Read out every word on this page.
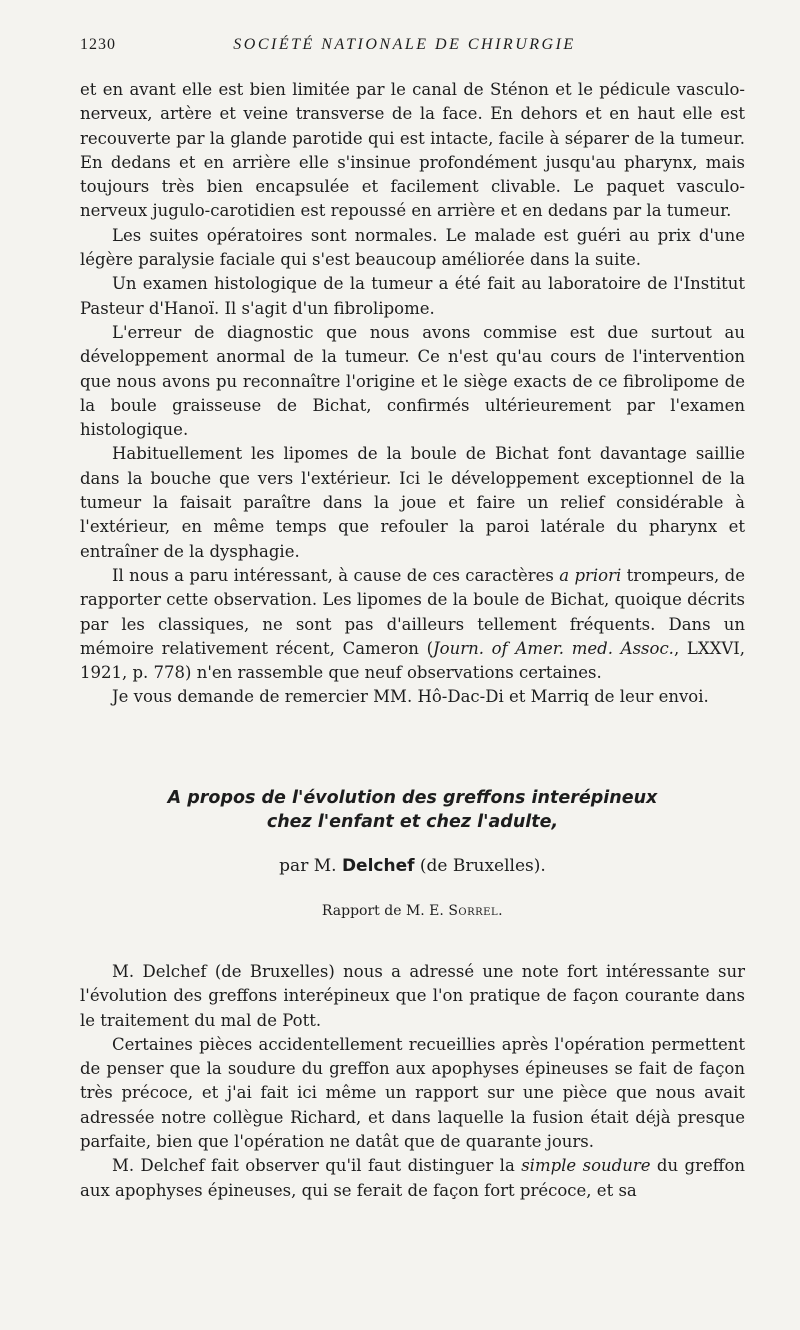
1230	SOCIÉTÉ NATIONALE DE CHIRURGIE

et en avant elle est bien limitée par le canal de Sténon et le pédicule vasculo-nerveux, artère et veine transverse de la face. En dehors et en haut elle est recouverte par la glande parotide qui est intacte, facile à séparer de la tumeur. En dedans et en arrière elle s'insinue profondément jusqu'au pharynx, mais toujours très bien encapsulée et facilement clivable. Le paquet vasculo-nerveux jugulo-carotidien est repoussé en arrière et en dedans par la tumeur.

Les suites opératoires sont normales. Le malade est guéri au prix d'une légère paralysie faciale qui s'est beaucoup améliorée dans la suite.

Un examen histologique de la tumeur a été fait au laboratoire de l'Institut Pasteur d'Hanoï. Il s'agit d'un fibrolipome.

L'erreur de diagnostic que nous avons commise est due surtout au développement anormal de la tumeur. Ce n'est qu'au cours de l'intervention que nous avons pu reconnaître l'origine et le siège exacts de ce fibrolipome de la boule graisseuse de Bichat, confirmés ultérieurement par l'examen histologique.

Habituellement les lipomes de la boule de Bichat font davantage saillie dans la bouche que vers l'extérieur. Ici le développement exceptionnel de la tumeur la faisait paraître dans la joue et faire un relief considérable à l'extérieur, en même temps que refouler la paroi latérale du pharynx et entraîner de la dysphagie.

Il nous a paru intéressant, à cause de ces caractères a priori trompeurs, de rapporter cette observation. Les lipomes de la boule de Bichat, quoique décrits par les classiques, ne sont pas d'ailleurs tellement fréquents. Dans un mémoire relativement récent, Cameron (Journ. of Amer. med. Assoc., LXXVI, 1921, p. 778) n'en rassemble que neuf observations certaines.

Je vous demande de remercier MM. Hô-Dac-Di et Marriq de leur envoi.

A propos de l'évolution des greffons interépineux
chez l'enfant et chez l'adulte,
par M. Delchef (de Bruxelles).
Rapport de M. E. Sorrel.

M. Delchef (de Bruxelles) nous a adressé une note fort intéressante sur l'évolution des greffons interépineux que l'on pratique de façon courante dans le traitement du mal de Pott.

Certaines pièces accidentellement recueillies après l'opération permettent de penser que la soudure du greffon aux apophyses épineuses se fait de façon très précoce, et j'ai fait ici même un rapport sur une pièce que nous avait adressée notre collègue Richard, et dans laquelle la fusion était déjà presque parfaite, bien que l'opération ne datât que de quarante jours.

M. Delchef fait observer qu'il faut distinguer la simple soudure du greffon aux apophyses épineuses, qui se ferait de façon fort précoce, et sa
